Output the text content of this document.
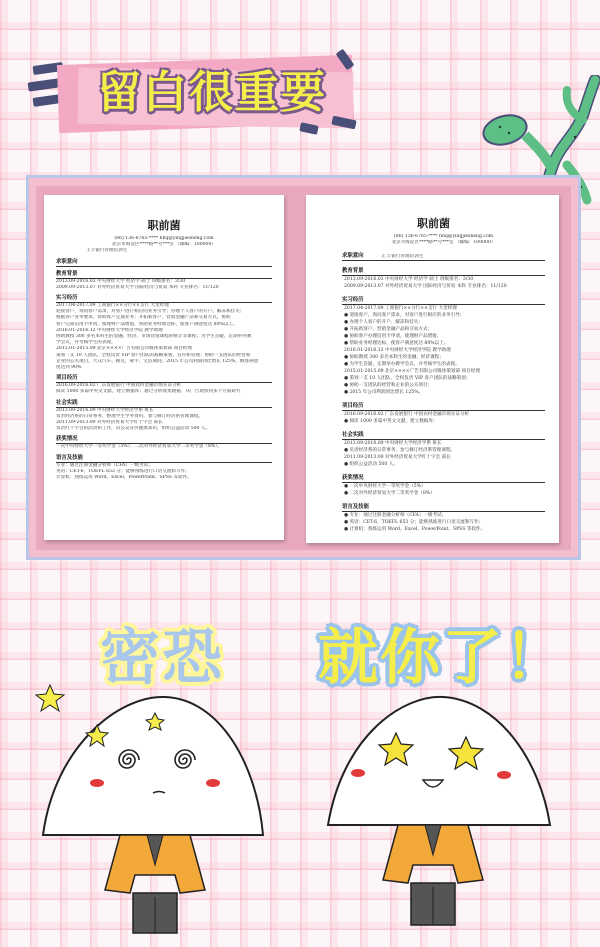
留白很重要
职前菌
(86) 136-6765-**** hhq@yingjiesheng.com
北京市海淀区****路**号***室 （邮编：100000）
王丰银行管理培训生
求职意向
教育背景
2013.09-2016.03 中央财经大学 经济学 硕士 班级排名：3/30
2009.09-2013.07 对外经济贸易大学 国际经济与贸易 本科 专业排名：11/120
实习经历
2017.04-2017.09 工商银行××分行××支行 大堂经理
迎接客户，询问客户需求，对客户进行相应的业务引导；办理个人客户的开户、解冻和挂失；
根据客户业务要求，帮助客户完成业务；开拓新客户，营销金融产品和交易方式，协助
客户完成信用卡申请，使理财产品增值，帮助业务经理达标，使客户满意度达 80%以上。
2016.01-2016.12 中央财经大学经济学院 教学助理
协助教授 300 多名本科生的金融、经济、市场营销课程的统计等课程；为学生答疑，定期举办教
学会议，并考核学生的表现。
2015.01-2015.09 北京××××广告有限公司媒体策划部 项目经理
策划一支 10 人团队，全权负责 VIP 客户团队的战略策划、宣传和管理；协助一支团队的经营和
企业的公关项目，大众汽车、耐克、蒙牛、宝洁期间，2015 年公司利润同比增长 125%，顾客满意
度达到 90%
项目经历
2016.09-2016.02 广东发展银行 中国农村金融市场实证分析
阅读 1000 多篇中英文文献，建立数据库；通过分析收集数据，从广告观察到多个方面研究
社会实践
2013.09-2016.09 中央财经大学经济学系 班长
负责经济系的日常事务，整理学生学务资料，参与修订经济系管理课程。
2011.09-2013.09 对外经济贸易大学红十字会 部长
负责红十字会的活动和工作，向公众宣传健康知识，组织公益活动 500 人。
获奖情况
一次中央财经大学一等奖学金（5%）；二次对外经济贸易大学二等奖学金（8%）。
语言及技能
专业：通过注册金融分析师（CFA）一级考试；
英语：CET-6，TOEFL 653 分；能够熟练进行口语交流和写作；
计算机：熟练运用 Word、Excel、PowerPoint、SPSS 等软件。
职前菌
(86) 136-6765-**** hhq@yingjiesheng.com
北京市海淀区****路**号***室 （邮编：100000）
求职意向	汇丰银行管理培训生
教育背景
2013.09-2016.03 中央财经大学 经济学 硕士 班级排名：3/30
2009.09-2013.07 对外经济贸易大学 国际经济与贸易 本科 专业排名：11/120
实习经历
2017.04-2017.09 工商银行××分行××支行 大堂经理
● 迎接客户，询问客户需求，对客户进行相应的业务引导；
● 办理个人客户的开户、解冻和挂失；
● 开拓新客户，营销金融产品和交易方式；
● 协助客户办理信用卡申请，使理财产品增值；
● 帮助业务经理达标，使客户满意度达 80%以上。
2016.01-2016.12 中央财经大学经济学院 教学助理
● 协助教授 300 多名本科生的金融、经济课程；
● 为学生答疑，定期举办教学会议，并考核学生的表现。
2015.01-2015.09 北京××××广告有限公司媒体策划部 项目经理
● 策划一支 10 人团队，全权负责 VIP 客户团队的战略策划；
● 协助一支团队的经营和企业的公关项目；
● 2015 年公司利润同比增长 125%。
项目经历
2016.09-2016.02 广东发展银行 中国农村金融市场实证分析
● 阅读 1000 多篇中英文文献，建立数据库；
社会实践
2013.09-2016.09 中央财经大学经济学系 班长
● 负责经济系的日常事务，参与修订经济系管理课程。
2011.09-2013.09 对外经济贸易大学红十字会 部长
● 组织公益活动 500 人。
获奖情况
● 一次中央财经大学一等奖学金（5%）
● 二次对外经济贸易大学二等奖学金（8%）
语言及技能
● 专业：通过注册金融分析师（CFA）一级考试；
● 英语：CET-6，TOEFL 653 分；能够熟练进行口语交流和写作；
● 计算机：熟练运用 Word、Excel、PowerPoint、SPSS 等软件。
密恐 就你了！
